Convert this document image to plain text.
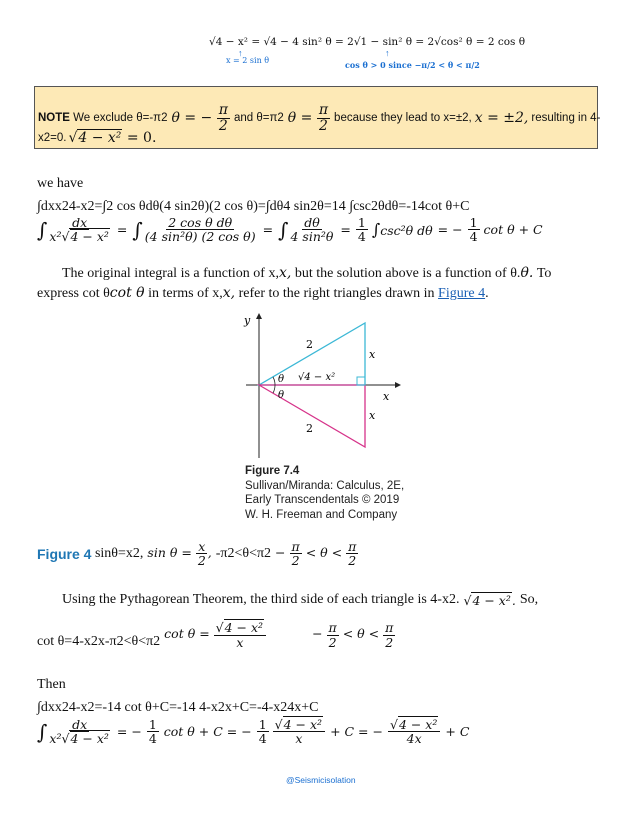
√4 − x² = √4 − 4 sin² θ = 2√1 − sin² θ = 2√cos² θ = 2 cos θ
↑
x = 2 sin θ
↑
cos θ > 0 since −π/2 < θ < π/2
NOTE
We exclude θ=-π2 θ = − $\frac{\pi}{2}$ and θ=π2 $\theta = \frac{\pi}{2}$ because they lead to x=±2, x = ±2, resulting in 4-
x2=0. √4 − x² = 0.
we have
∫dxx24-x2=∫2 cos θdθ(4 sin2θ)(2 cos θ)=∫dθ4 sin2θ=14 ∫csc2θdθ=-14cot θ+C
∫ $\frac{dx}{\text{x²√4 − x²}}$ = ∫ $\frac{\text{2 cos θ dθ}}{\text{(4 sin²θ) (2 cos θ)}}$ = ∫ $\frac{d\theta}{\text{4 sin²θ}} = \frac{1}{4} \int\csc^2\theta$ dθ = − $\frac{1}{4}$ cot θ + C
The original integral is a function of x,x, but the solution above is a function of θ.θ. To
express cot θcot θ in terms of x,x, refer to the right triangles drawn in Figure 4.
y
x
2
2
x
x
θ
θ
√4 − x²
Figure 7.4
Sullivan/Miranda: Calculus, 2E,
Early Transcendentals © 2019
W. H. Freeman and Company
Figure 4
sinθ=x2, $\sin \theta = \frac{x}{2}$ , $-\pi 2<\theta<\pi 2 - \frac{\pi}{2} < \theta < \frac{\pi}{2}$
Using the Pythagorean Theorem, the third side of each triangle is 4-x2. √4 − x². So,
cot θ=4-x2x-π2<θ<π2 $\cot \theta = \frac{\text{√4 − x²}}{x}$	− $\frac{\pi}{2} < \theta < \frac{\pi}{2}$
Then
∫dxx24-x2=-14 cot θ+C=-14 4-x2x+C=-4-x24x+C
∫ $\frac{dx}{\text{x²√4 − x²}}$ = − $\frac{1}{4}$ cot θ + C = − $\frac{1}{4} \frac{\text{√4 − x²}}{x} + C$ = − $\frac{\text{√4 − x²}}{4x} + C$
@Seismicisolation
